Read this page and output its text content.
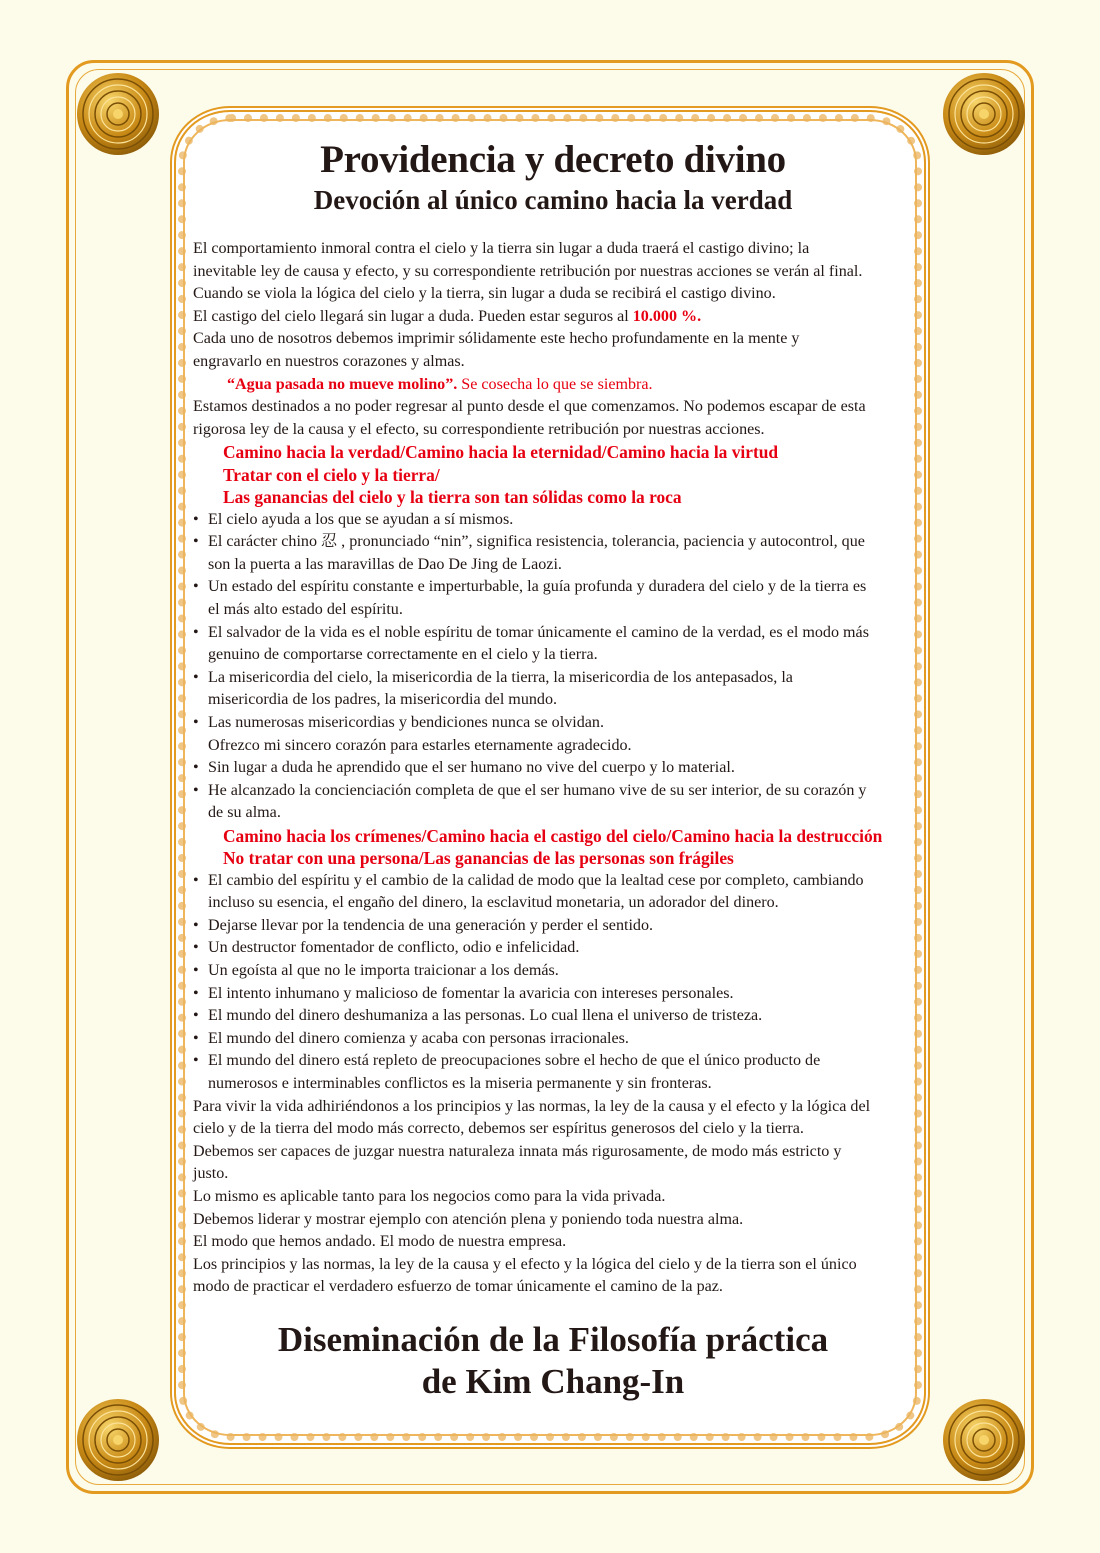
Providencia y decreto divino
Devoción al único camino hacia la verdad
El comportamiento inmoral contra el cielo y la tierra sin lugar a duda traerá el castigo divino; la
inevitable ley de causa y efecto, y su correspondiente retribución por nuestras acciones se verán al final.
Cuando se viola la lógica del cielo y la tierra, sin lugar a duda se recibirá el castigo divino.
El castigo del cielo llegará sin lugar a duda. Pueden estar seguros al 10.000 %.
Cada uno de nosotros debemos imprimir sólidamente este hecho profundamente en la mente y
engravarlo en nuestros corazones y almas.
“Agua pasada no mueve molino”. Se cosecha lo que se siembra.
Estamos destinados a no poder regresar al punto desde el que comenzamos. No podemos escapar de esta
rigorosa ley de la causa y el efecto, su correspondiente retribución por nuestras acciones.
Camino hacia la verdad/Camino hacia la eternidad/Camino hacia la virtud
Tratar con el cielo y la tierra/
Las ganancias del cielo y la tierra son tan sólidas como la roca
• El cielo ayuda a los que se ayudan a sí mismos.
• El carácter chino 忍 , pronunciado “nin”, significa resistencia, tolerancia, paciencia y autocontrol, que
son la puerta a las maravillas de Dao De Jing de Laozi.
• Un estado del espíritu constante e imperturbable, la guía profunda y duradera del cielo y de la tierra es
el más alto estado del espíritu.
• El salvador de la vida es el noble espíritu de tomar únicamente el camino de la verdad, es el modo más
genuino de comportarse correctamente en el cielo y la tierra.
• La misericordia del cielo, la misericordia de la tierra, la misericordia de los antepasados, la
misericordia de los padres, la misericordia del mundo.
• Las numerosas misericordias y bendiciones nunca se olvidan.
Ofrezco mi sincero corazón para estarles eternamente agradecido.
• Sin lugar a duda he aprendido que el ser humano no vive del cuerpo y lo material.
• He alcanzado la concienciación completa de que el ser humano vive de su ser interior, de su corazón y
de su alma.
Camino hacia los crímenes/Camino hacia el castigo del cielo/Camino hacia la destrucción
No tratar con una persona/Las ganancias de las personas son frágiles
• El cambio del espíritu y el cambio de la calidad de modo que la lealtad cese por completo, cambiando
incluso su esencia, el engaño del dinero, la esclavitud monetaria, un adorador del dinero.
• Dejarse llevar por la tendencia de una generación y perder el sentido.
• Un destructor fomentador de conflicto, odio e infelicidad.
• Un egoísta al que no le importa traicionar a los demás.
• El intento inhumano y malicioso de fomentar la avaricia con intereses personales.
• El mundo del dinero deshumaniza a las personas. Lo cual llena el universo de tristeza.
• El mundo del dinero comienza y acaba con personas irracionales.
• El mundo del dinero está repleto de preocupaciones sobre el hecho de que el único producto de
numerosos e interminables conflictos es la miseria permanente y sin fronteras.
Para vivir la vida adhiriéndonos a los principios y las normas, la ley de la causa y el efecto y la lógica del
cielo y de la tierra del modo más correcto, debemos ser espíritus generosos del cielo y la tierra.
Debemos ser capaces de juzgar nuestra naturaleza innata más rigurosamente, de modo más estricto y
justo.
Lo mismo es aplicable tanto para los negocios como para la vida privada.
Debemos liderar y mostrar ejemplo con atención plena y poniendo toda nuestra alma.
El modo que hemos andado. El modo de nuestra empresa.
Los principios y las normas, la ley de la causa y el efecto y la lógica del cielo y de la tierra son el único
modo de practicar el verdadero esfuerzo de tomar únicamente el camino de la paz.
Diseminación de la Filosofía práctica
de Kim Chang-In
